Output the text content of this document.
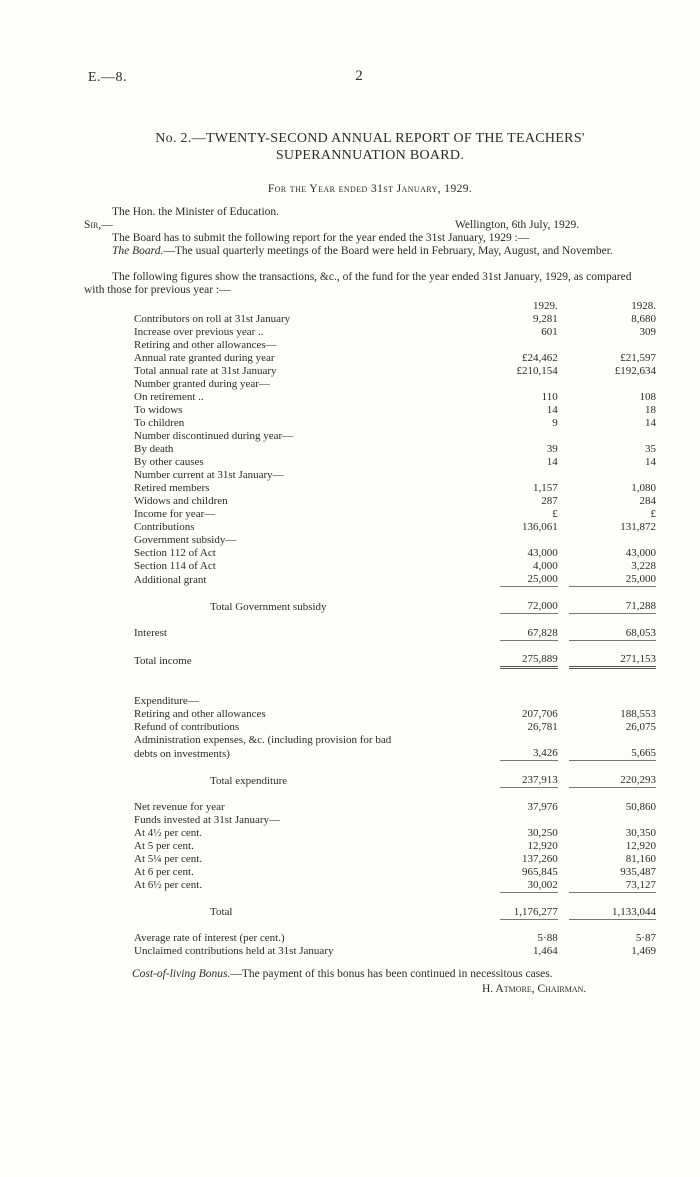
E.—8.	2
No. 2.—TWENTY-SECOND ANNUAL REPORT OF THE TEACHERS'
SUPERANNUATION BOARD.
For the Year ended 31st January, 1929.
The Hon. the Minister of Education.
Sir,—	Wellington, 6th July, 1929.
The Board has to submit the following report for the year ended the 31st January, 1929 :—
The Board.—The usual quarterly meetings of the Board were held in February, May, August, and November.
The following figures show the transactions, &c., of the fund for the year ended 31st January, 1929, as compared with those for previous year :—
	1929.		1928.
Contributors on roll at 31st January	9,281		8,680
Increase over previous year ..	601		309
Retiring and other allowances—			
Annual rate granted during year	£24,462		£21,597
Total annual rate at 31st January	£210,154		£192,634
Number granted during year—			
On retirement ..	110		108
To widows	14		18
To children	9		14
Number discontinued during year—			
By death	39		35
By other causes	14		14
Number current at 31st January—			
Retired members	1,157		1,080
Widows and children	287		284
Income for year—	£		£
Contributions	136,061		131,872
Government subsidy—			
Section 112 of Act	43,000		43,000
Section 114 of Act	4,000		3,228
Additional grant	25,000		25,000

Total Government subsidy	72,000		71,288

Interest	67,828		68,053

Total income	275,889		271,153

Expenditure—			
Retiring and other allowances	207,706		188,553
Refund of contributions	26,781		26,075
Administration expenses, &c. (including provision for bad			
debts on investments)	3,426		5,665

Total expenditure	237,913		220,293

Net revenue for year	37,976		50,860
Funds invested at 31st January—			
At 4½ per cent.	30,250		30,350
At 5 per cent.	12,920		12,920
At 5¼ per cent.	137,260		81,160
At 6 per cent.	965,845		935,487
At 6½ per cent.	30,002		73,127

Total	1,176,277		1,133,044

Average rate of interest (per cent.)	5·88		5·87
Unclaimed contributions held at 31st January	1,464		1,469
Cost-of-living Bonus.—The payment of this bonus has been continued in necessitous cases.
H. Atmore, Chairman.
